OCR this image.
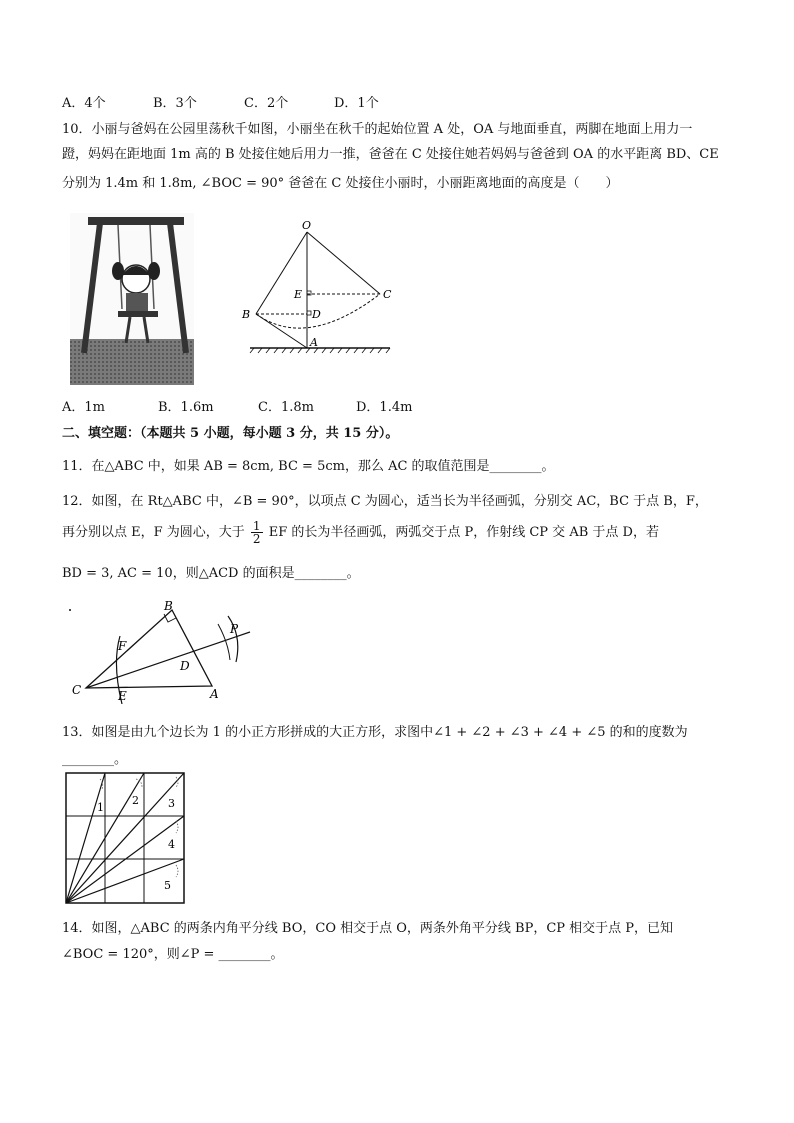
A．4个	B．3个	C．2个	D．1个
10．小丽与爸妈在公园里荡秋千如图，小丽坐在秋千的起始位置 A 处，OA 与地面垂直，两脚在地面上用力一
蹬，妈妈在距地面 1m 高的 B 处接住她后用力一推，爸爸在 C 处接住她若妈妈与爸爸到 OA 的水平距离 BD、CE
分别为 1.4m 和 1.8m, ∠BOC = 90° 爸爸在 C 处接住小丽时，小丽距离地面的高度是（　　）
O
E	C
B	D
A
A．1m	B．1.6m	C．1.8m	D．1.4m
二、填空题：（本题共 5 小题，每小题 3 分，共 15 分）。
11．在△ABC 中，如果 AB = 8cm, BC = 5cm，那么 AC 的取值范围是________。
12．如图，在 Rt△ABC 中，∠B = 90°，以项点 C 为圆心，适当长为半径画弧，分别交 AC，BC 于点 B，F，
再分别以点 E，F 为圆心，大于 $\frac{1}{2}$ EF 的长为半径画弧，两弧交于点 P，作射线 CP 交 AB 于点 D，若
BD = 3, AC = 10，则△ACD 的面积是________。
B
P
F
D
C	E	A
13．如图是由九个边长为 1 的小正方形拼成的大正方形，求图中∠1 + ∠2 + ∠3 + ∠4 + ∠5 的和的度数为
________。
1
2	3
4
5
14．如图，△ABC 的两条内角平分线 BO，CO 相交于点 O，两条外角平分线 BP，CP 相交于点 P，已知
∠BOC = 120°，则∠P = ________。
